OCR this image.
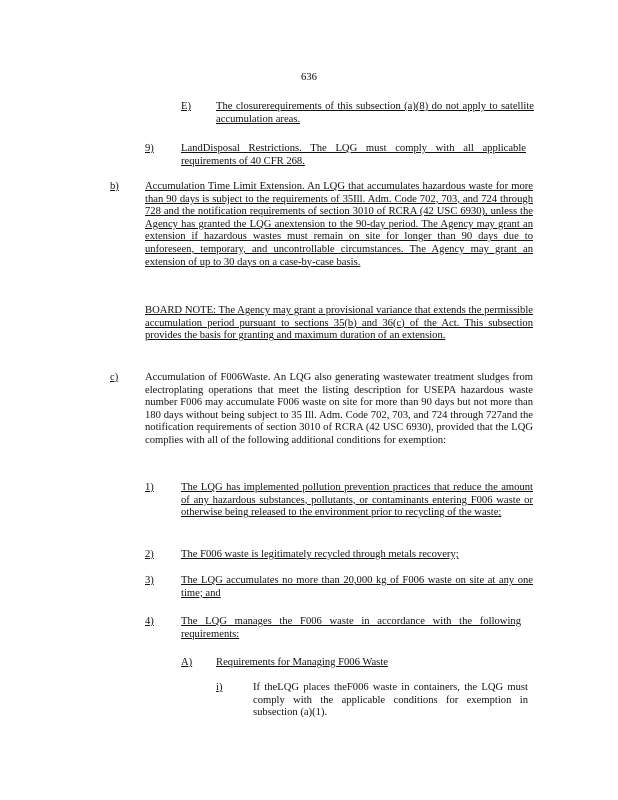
636
E) The closurerequirements of this subsection (a)(8) do not apply to satellite accumulation areas.
9)	LandDisposal Restrictions. The LQG must comply with all applicable requirements of 40 CFR 268.
b) Accumulation Time Limit Extension. An LQG that accumulates hazardous waste for more than 90 days is subject to the requirements of 35Ill. Adm. Code 702, 703, and 724 through 728 and the notification requirements of section 3010 of RCRA (42 USC 6930), unless the Agency has granted the LQG anextension to the 90-day period. The Agency may grant an extension if hazardous wastes must remain on site for longer than 90 days due to unforeseen, temporary, and uncontrollable circumstances. The Agency may grant an extension of up to 30 days on a case-by-case basis.
BOARD NOTE: The Agency may grant a provisional variance that extends the permissible accumulation period pursuant to sections 35(b) and 36(c) of the Act. This subsection provides the basis for granting and maximum duration of an extension.
c)	Accumulation of F006Waste. An LQG also generating wastewater treatment sludges from electroplating operations that meet the listing description for USEPA hazardous waste number F006 may accumulate F006 waste on site for more than 90 days but not more than 180 days without being subject to 35 Ill. Adm. Code 702, 703, and 724 through 727and the notification requirements of section 3010 of RCRA (42 USC 6930), provided that the LQG complies with all of the following additional conditions for exemption:
1)	The LQG has implemented pollution prevention practices that reduce the amount of any hazardous substances, pollutants, or contaminants entering F006 waste or otherwise being released to the environment prior to recycling of the waste;
2)	The F006 waste is legitimately recycled through metals recovery;
3)	The LQG accumulates no more than 20,000 kg of F006 waste on site at any one time; and
4)	The LQG manages the F006 waste in accordance with the following requirements:
A) Requirements for Managing F006 Waste
i)	If theLQG places theF006 waste in containers, the LQG must comply with the applicable conditions for exemption in subsection (a)(1).
